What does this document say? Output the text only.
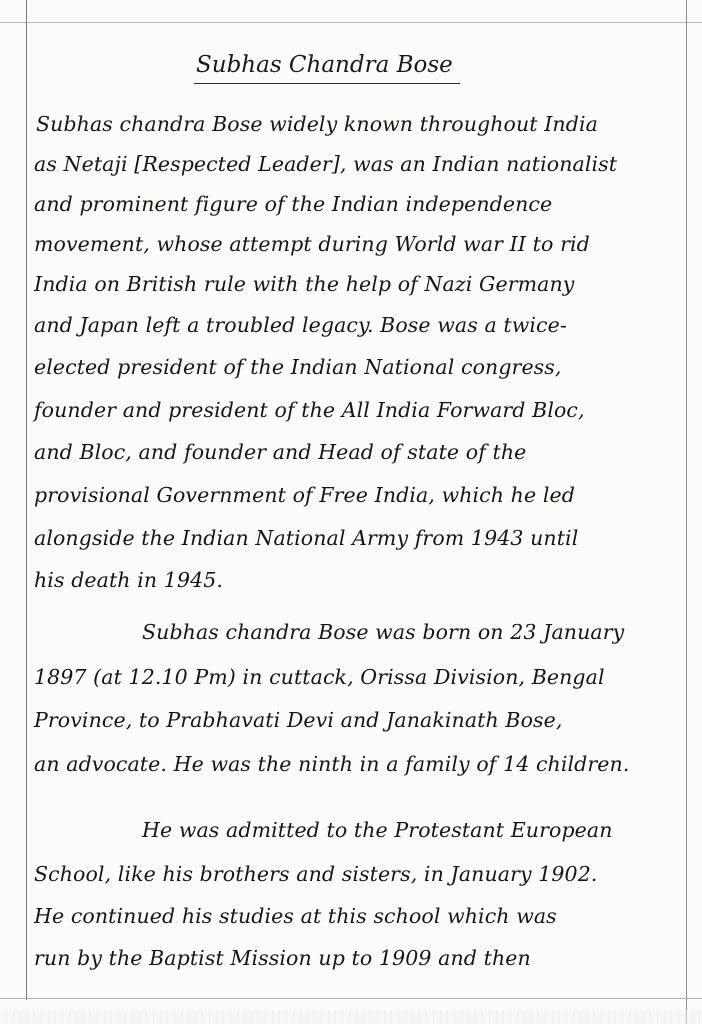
Subhas Chandra Bose
Subhas chandra Bose widely known throughout India
as Netaji [Respected Leader], was an Indian nationalist
and prominent figure of the Indian independence
movement, whose attempt during World war II to rid
India on British rule with the help of Nazi Germany
and Japan left a troubled legacy. Bose was a twice-
elected president of the Indian National congress,
founder and president of the All India Forward Bloc,
and Bloc, and founder and Head of state of the
provisional Government of Free India, which he led
alongside the Indian National Army from 1943 until
his death in 1945.
Subhas chandra Bose was born on 23 January
1897 (at 12.10 Pm) in cuttack, Orissa Division, Bengal
Province, to Prabhavati Devi and Janakinath Bose,
an advocate. He was the ninth in a family of 14 children.
He was admitted to the Protestant European
School, like his brothers and sisters, in January 1902.
He continued his studies at this school which was
run by the Baptist Mission up to 1909 and then
